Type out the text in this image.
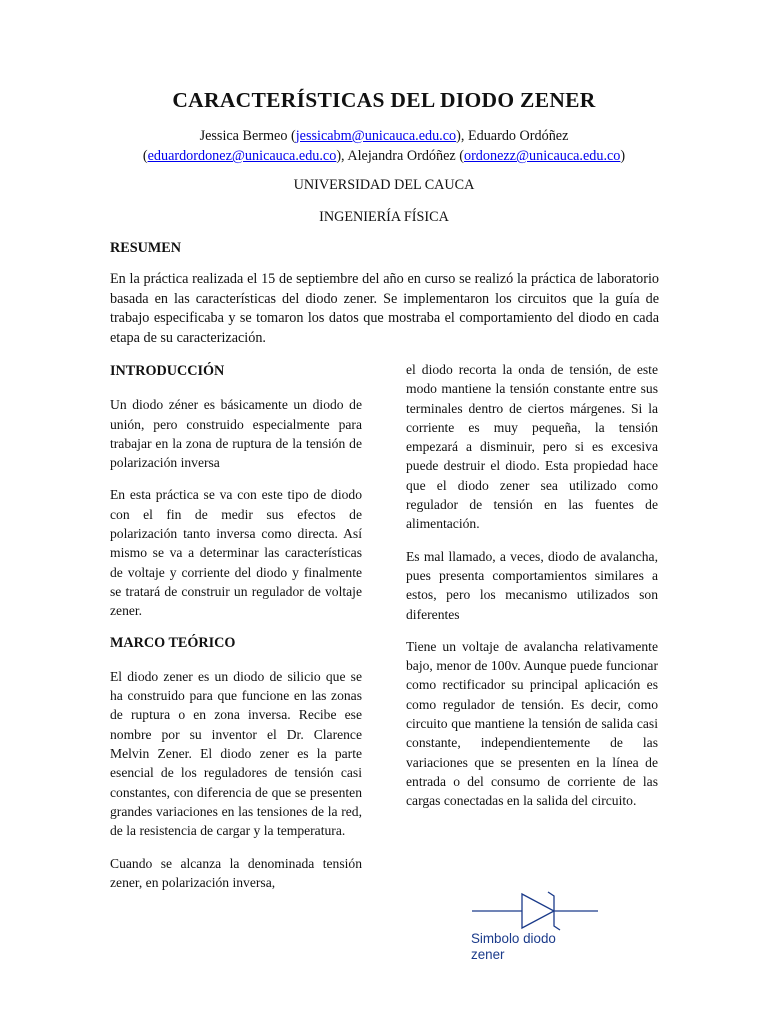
CARACTERÍSTICAS DEL DIODO ZENER
Jessica Bermeo (jessicabm@unicauca.edu.co), Eduardo Ordóñez
(eduardordonez@unicauca.edu.co), Alejandra Ordóñez (ordonezz@unicauca.edu.co)
UNIVERSIDAD DEL CAUCA
INGENIERÍA FÍSICA
RESUMEN

En la práctica realizada el 15 de septiembre del año en curso se realizó la práctica de laboratorio basada en las características del diodo zener. Se implementaron los circuitos que la guía de trabajo especificaba y se tomaron los datos que mostraba el comportamiento del diodo en cada etapa de su caracterización.

INTRODUCCIÓN

Un diodo zéner es básicamente un diodo de unión, pero construido especialmente para trabajar en la zona de ruptura de la tensión de polarización inversa

En esta práctica se va con este tipo de diodo con el fin de medir sus efectos de polarización tanto inversa como directa. Así mismo se va a determinar las características de voltaje y corriente del diodo y finalmente se tratará de construir un regulador de voltaje zener.

MARCO TEÓRICO

El diodo zener es un diodo de silicio que se ha construido para que funcione en las zonas de ruptura o en zona inversa. Recibe ese nombre por su inventor el Dr. Clarence Melvin Zener. El diodo zener es la parte esencial de los reguladores de tensión casi constantes, con diferencia de que se presenten grandes variaciones en las tensiones de la red, de la resistencia de cargar y la temperatura.

Cuando se alcanza la denominada tensión zener, en polarización inversa,

el diodo recorta la onda de tensión, de este modo mantiene la tensión constante entre sus terminales dentro de ciertos márgenes. Si la corriente es muy pequeña, la tensión empezará a disminuir, pero si es excesiva puede destruir el diodo. Esta propiedad hace que el diodo zener sea utilizado como regulador de tensión en las fuentes de alimentación.

Es mal llamado, a veces, diodo de avalancha, pues presenta comportamientos similares a estos, pero los mecanismo utilizados son diferentes

Tiene un voltaje de avalancha relativamente bajo, menor de 100v. Aunque puede funcionar como rectificador su principal aplicación es como regulador de tensión. Es decir, como circuito que mantiene la tensión de salida casi constante, independientemente de las variaciones que se presenten en la línea de entrada o del consumo de corriente de las cargas conectadas en la salida del circuito.

Simbolo diodo
zener
